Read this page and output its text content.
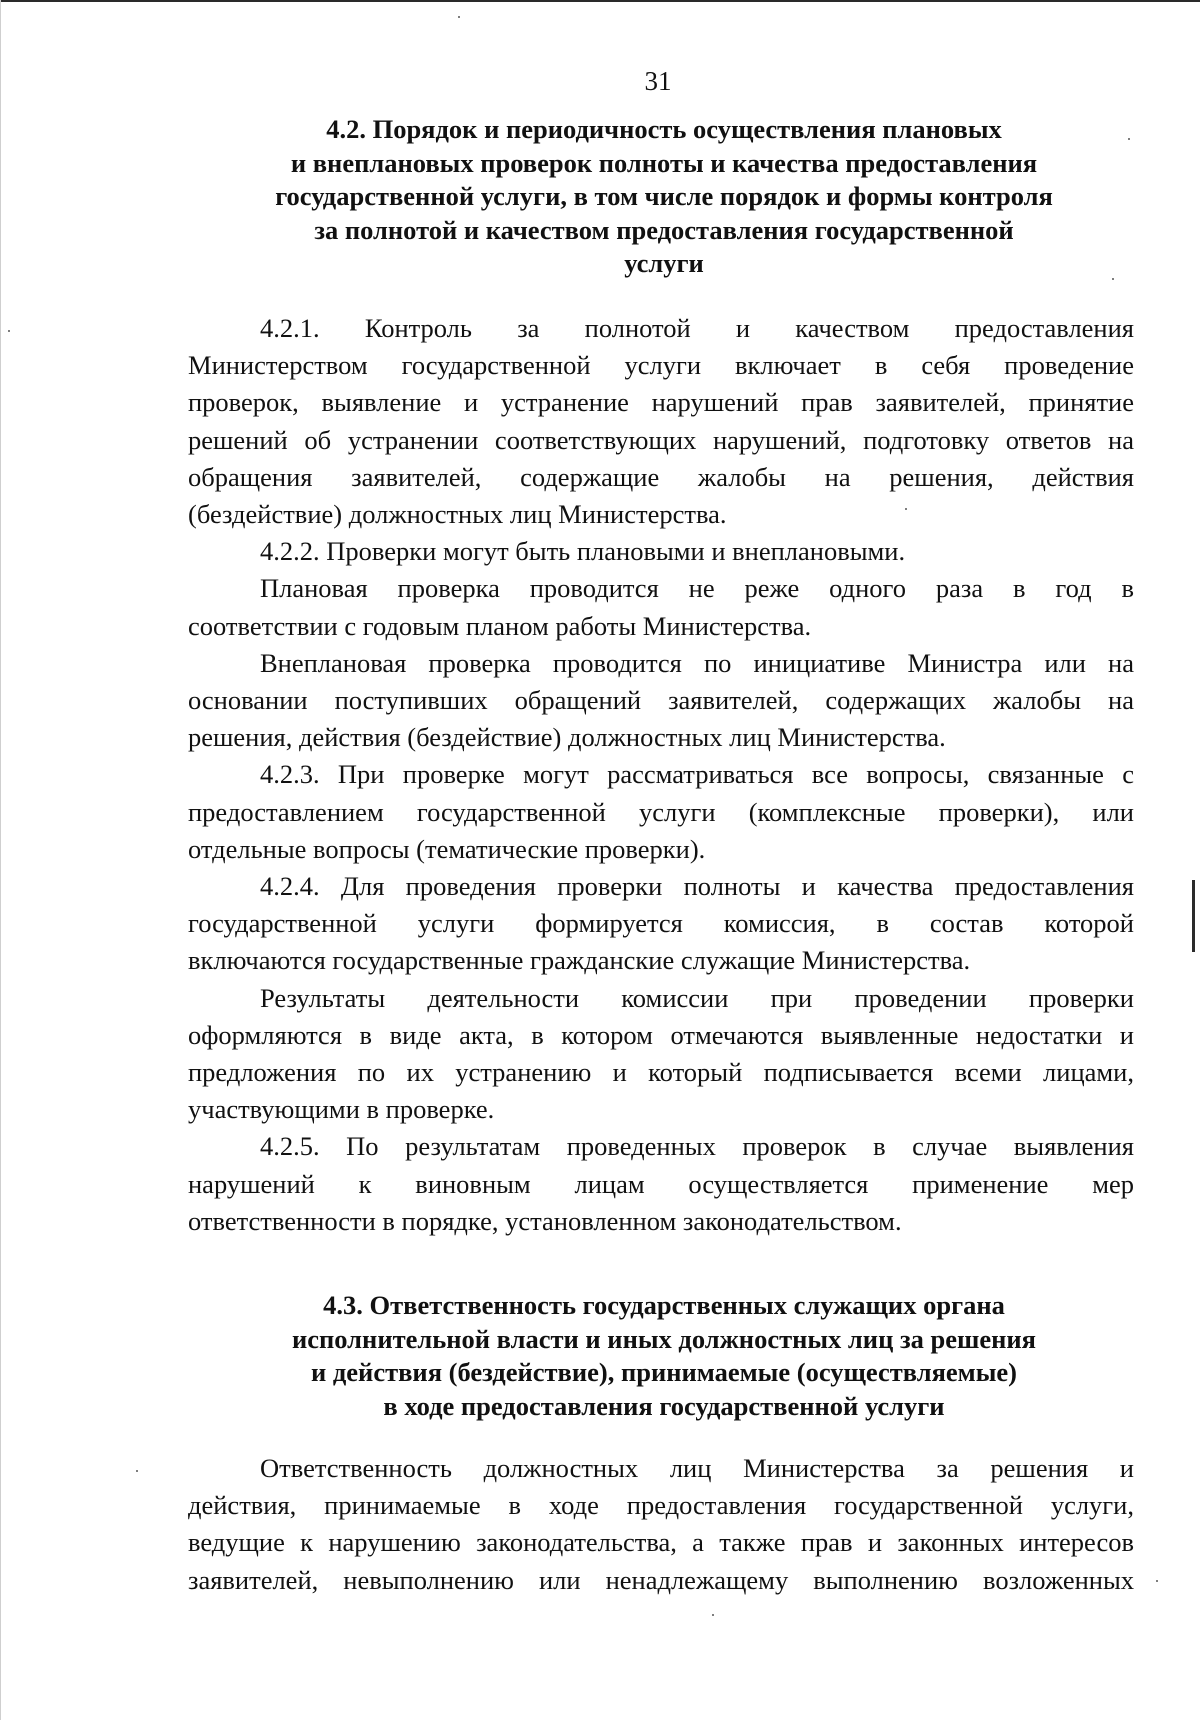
31
4.2. Порядок и периодичность осуществления плановых
и внеплановых проверок полноты и качества предоставления
государственной услуги, в том числе порядок и формы контроля
за полнотой и качеством предоставления государственной
услуги
4.2.1. Контроль за полнотой и качеством предоставления
Министерством государственной услуги включает в себя проведение
проверок, выявление и устранение нарушений прав заявителей, принятие
решений об устранении соответствующих нарушений, подготовку ответов на
обращения заявителей, содержащие жалобы на решения, действия
(бездействие) должностных лиц Министерства.
4.2.2. Проверки могут быть плановыми и внеплановыми.
Плановая проверка проводится не реже одного раза в год в
соответствии с годовым планом работы Министерства.
Внеплановая проверка проводится по инициативе Министра или на
основании поступивших обращений заявителей, содержащих жалобы на
решения, действия (бездействие) должностных лиц Министерства.
4.2.3. При проверке могут рассматриваться все вопросы, связанные с
предоставлением государственной услуги (комплексные проверки), или
отдельные вопросы (тематические проверки).
4.2.4. Для проведения проверки полноты и качества предоставления
государственной услуги формируется комиссия, в состав которой
включаются государственные гражданские служащие Министерства.
Результаты деятельности комиссии при проведении проверки
оформляются в виде акта, в котором отмечаются выявленные недостатки и
предложения по их устранению и который подписывается всеми лицами,
участвующими в проверке.
4.2.5. По результатам проведенных проверок в случае выявления
нарушений к виновным лицам осуществляется применение мер
ответственности в порядке, установленном законодательством.
4.3. Ответственность государственных служащих органа
исполнительной власти и иных должностных лиц за решения
и действия (бездействие), принимаемые (осуществляемые)
в ходе предоставления государственной услуги
Ответственность должностных лиц Министерства за решения и
действия, принимаемые в ходе предоставления государственной услуги,
ведущие к нарушению законодательства, а также прав и законных интересов
заявителей, невыполнению или ненадлежащему выполнению возложенных
